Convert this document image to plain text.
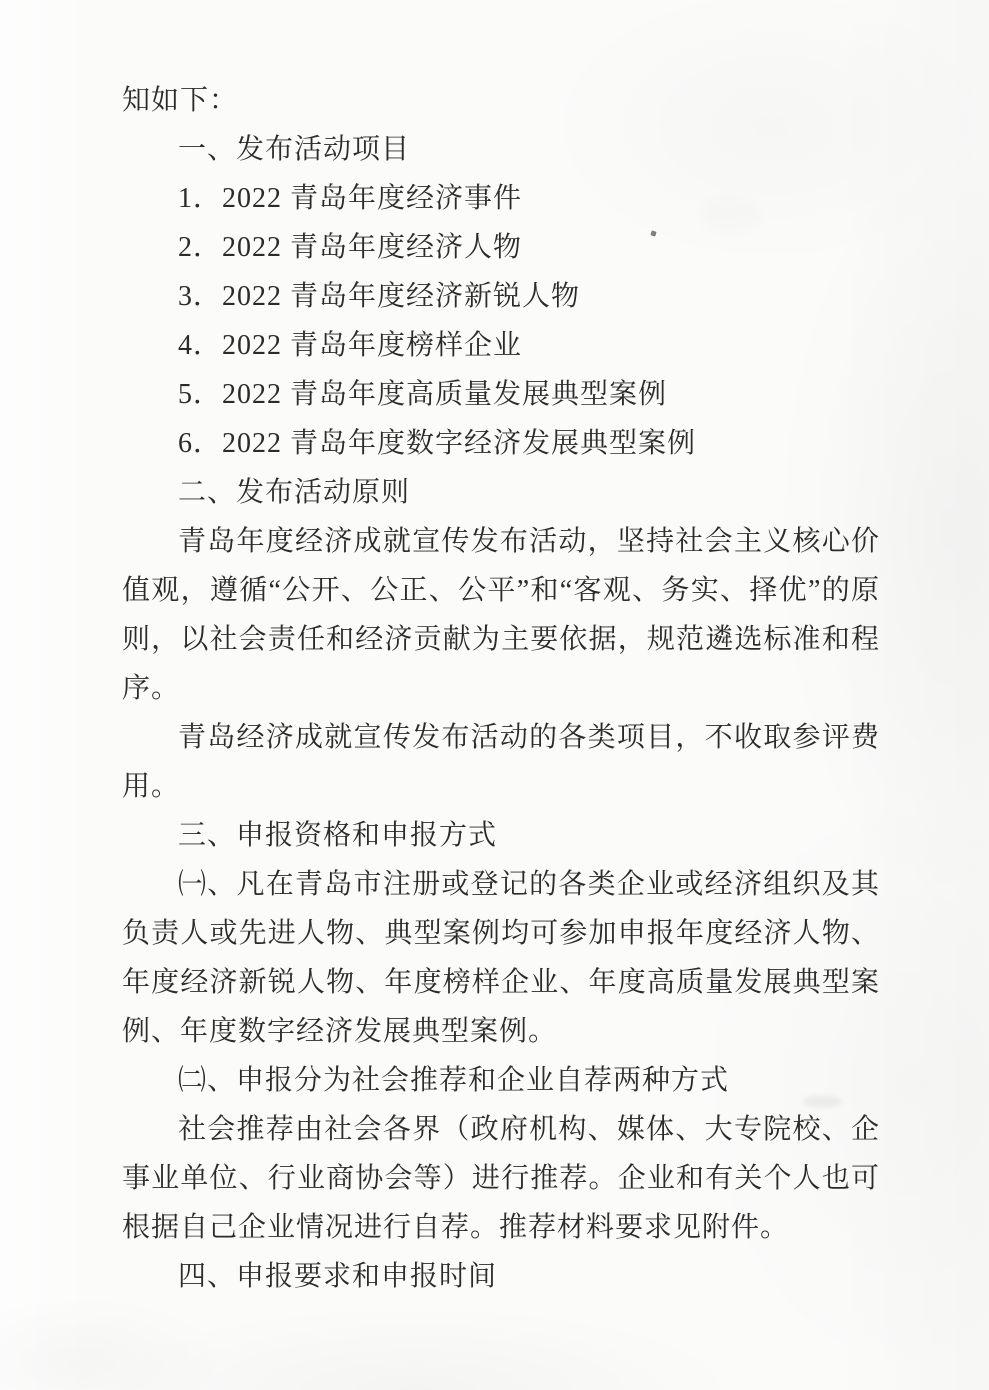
知如下：

一、发布活动项目

1．2022 青岛年度经济事件

2．2022 青岛年度经济人物

3．2022 青岛年度经济新锐人物

4．2022 青岛年度榜样企业

5．2022 青岛年度高质量发展典型案例

6．2022 青岛年度数字经济发展典型案例

二、发布活动原则

青岛年度经济成就宣传发布活动，坚持社会主义核心价值观，遵循“公开、公正、公平”和“客观、务实、择优”的原则，以社会责任和经济贡献为主要依据，规范遴选标准和程序。

青岛经济成就宣传发布活动的各类项目，不收取参评费用。

三、申报资格和申报方式

㈠、凡在青岛市注册或登记的各类企业或经济组织及其负责人或先进人物、典型案例均可参加申报年度经济人物、年度经济新锐人物、年度榜样企业、年度高质量发展典型案例、年度数字经济发展典型案例。

㈡、申报分为社会推荐和企业自荐两种方式

社会推荐由社会各界（政府机构、媒体、大专院校、企事业单位、行业商协会等）进行推荐。企业和有关个人也可根据自己企业情况进行自荐。推荐材料要求见附件。

四、申报要求和申报时间
